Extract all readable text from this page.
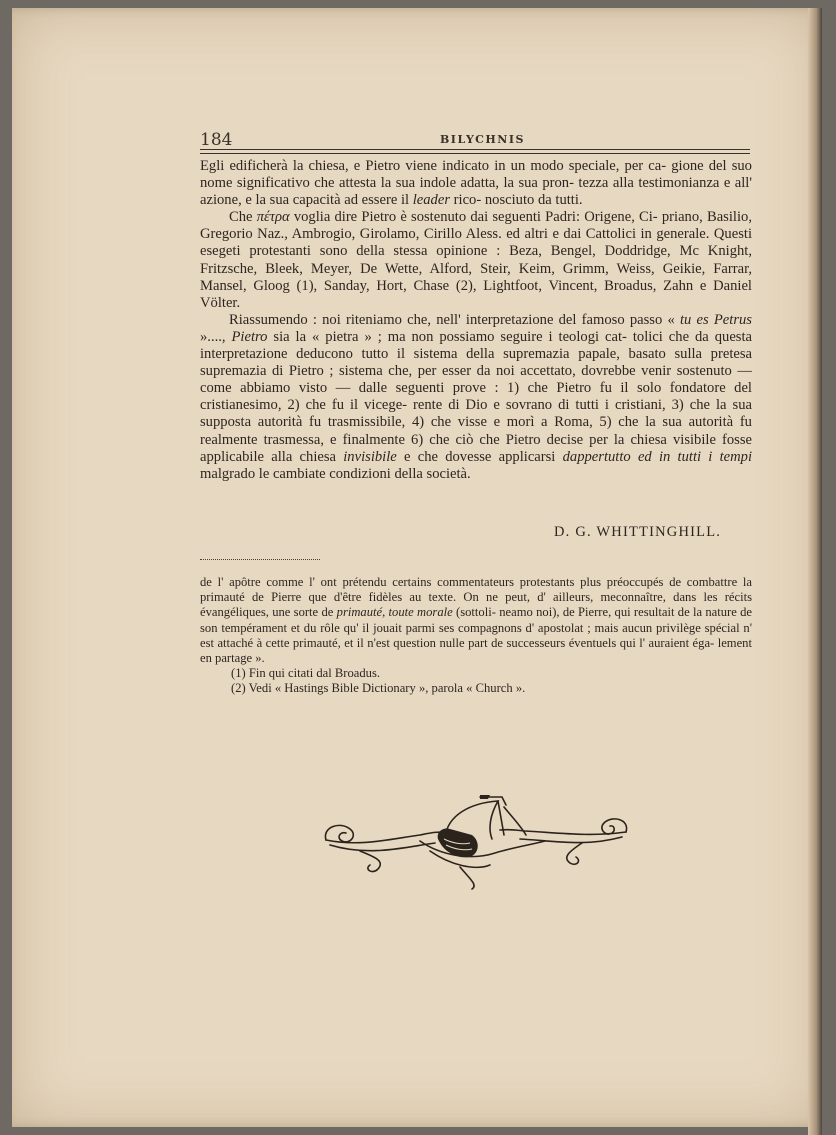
184	BILYCHNIS

Egli edificherà la chiesa, e Pietro viene indicato in un modo speciale, per ca- gione del suo nome significativo che attesta la sua indole adatta, la sua pron- tezza alla testimonianza e all' azione, e la sua capacità ad essere il leader rico- nosciuto da tutti.

Che πέτρα voglia dire Pietro è sostenuto dai seguenti Padri: Origene, Ci- priano, Basilio, Gregorio Naz., Ambrogio, Girolamo, Cirillo Aless. ed altri e dai Cattolici in generale. Questi esegeti protestanti sono della stessa opinione : Beza, Bengel, Doddridge, Mc Knight, Fritzsche, Bleek, Meyer, De Wette, Alford, Steir, Keim, Grimm, Weiss, Geikie, Farrar, Mansel, Gloog (1), Sanday, Hort, Chase (2), Lightfoot, Vincent, Broadus, Zahn e Daniel Völter.

Riassumendo : noi riteniamo che, nell' interpretazione del famoso passo « tu es Petrus »...., Pietro sia la « pietra » ; ma non possiamo seguire i teologi cat- tolici che da questa interpretazione deducono tutto il sistema della supremazia papale, basato sulla pretesa supremazia di Pietro ; sistema che, per esser da noi accettato, dovrebbe venir sostenuto — come abbiamo visto — dalle seguenti prove : 1) che Pietro fu il solo fondatore del cristianesimo, 2) che fu il vicege- rente di Dio e sovrano di tutti i cristiani, 3) che la sua supposta autorità fu trasmissibile, 4) che visse e morì a Roma, 5) che la sua autorità fu realmente trasmessa, e finalmente 6) che ciò che Pietro decise per la chiesa visibile fosse applicabile alla chiesa invisibile e che dovesse applicarsi dappertutto ed in tutti i tempi malgrado le cambiate condizioni della società.

D. G. WHITTINGHILL.

de l' apôtre comme l' ont prétendu certains commentateurs protestants plus préoccupés de combattre la primauté de Pierre que d'être fidèles au texte. On ne peut, d' ailleurs, meconnaître, dans les récits évangéliques, une sorte de primauté, toute morale (sottoli- neamo noi), de Pierre, qui resultait de la nature de son tempérament et du rôle qu' il jouait parmi ses compagnons d' apostolat ; mais aucun privilège spécial n' est attaché à cette primauté, et il n'est question nulle part de successeurs éventuels qui l' auraient éga- lement en partage ».

(1) Fin qui citati dal Broadus.

(2) Vedi « Hastings Bible Dictionary », parola « Church ».
